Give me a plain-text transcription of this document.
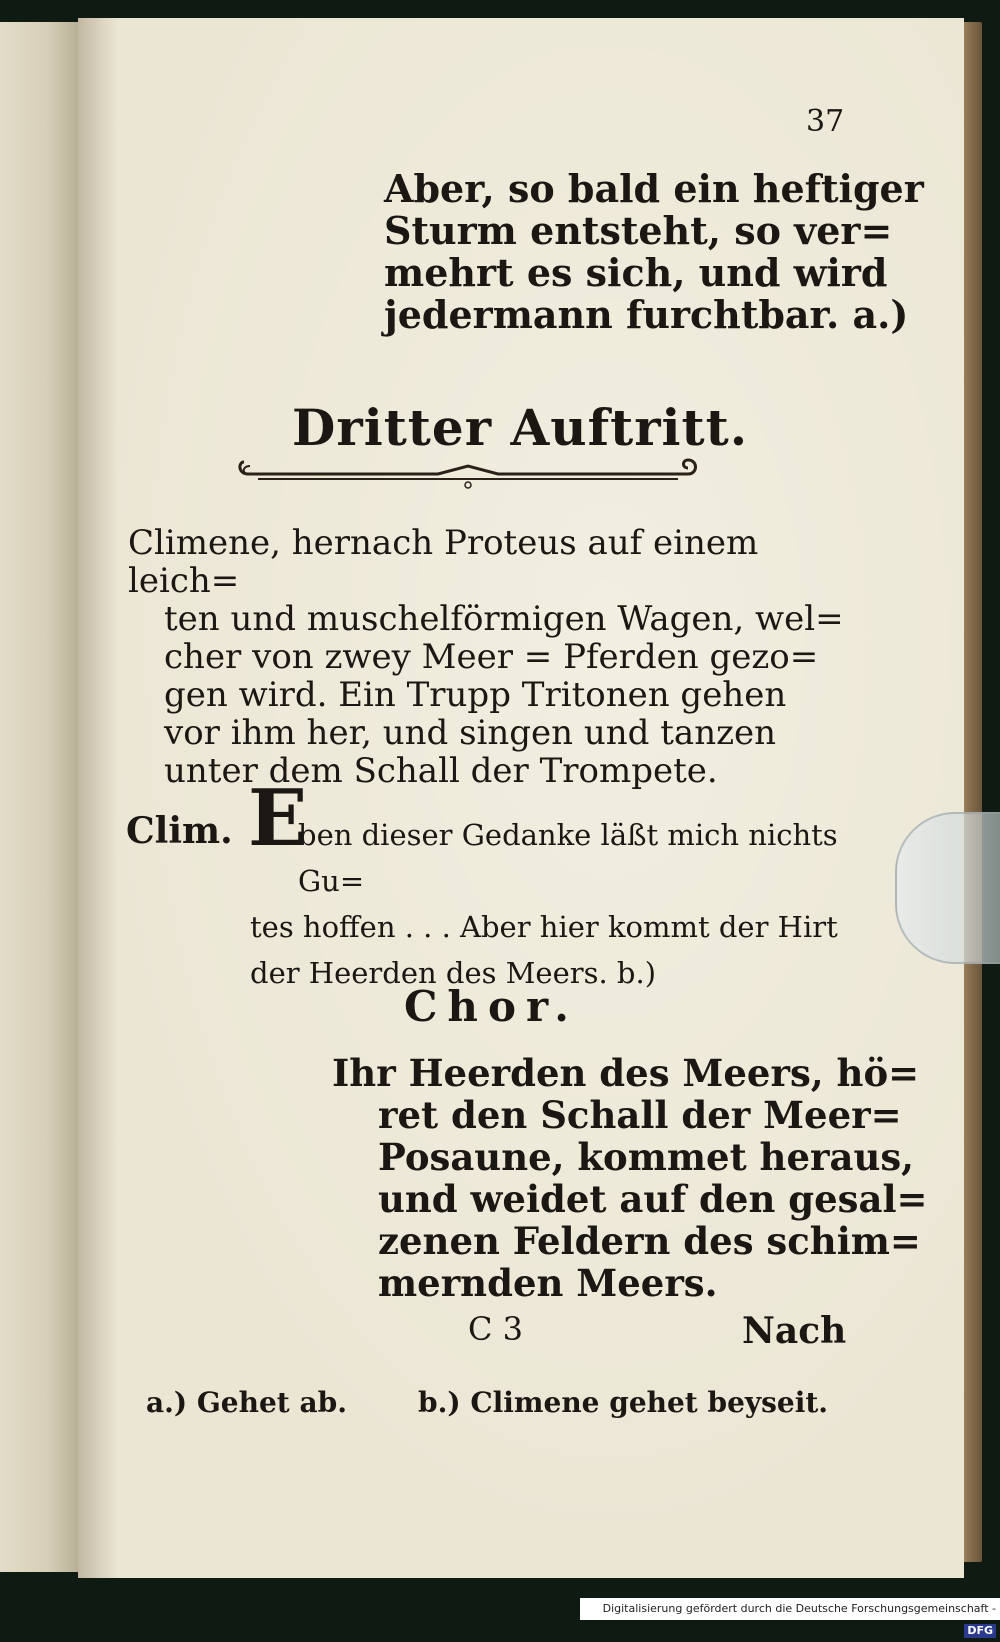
37
Aber, so bald ein heftiger
Sturm entsteht, so ver=
mehrt es sich, und wird
jedermann furchtbar. a.)
Dritter Auftritt.
Climene, hernach Proteus auf einem leich=
ten und muschelförmigen Wagen, wel=
cher von zwey Meer = Pferden gezo=
gen wird. Ein Trupp Tritonen gehen
vor ihm her, und singen und tanzen
unter dem Schall der Trompete.
Clim. E
ben dieser Gedanke läßt mich nichts Gu=
tes hoffen . . . Aber hier kommt der Hirt
der Heerden des Meers. b.)
Chor.
Ihr Heerden des Meers, hö=
ret den Schall der Meer=
Posaune, kommet heraus,
und weidet auf den gesal=
zenen Feldern des schim=
mernden Meers.
C 3	Nach
a.) Gehet ab.	b.) Climene gehet beyseit.
Digitalisierung gefördert durch die Deutsche Forschungsgemeinschaft - DFG
